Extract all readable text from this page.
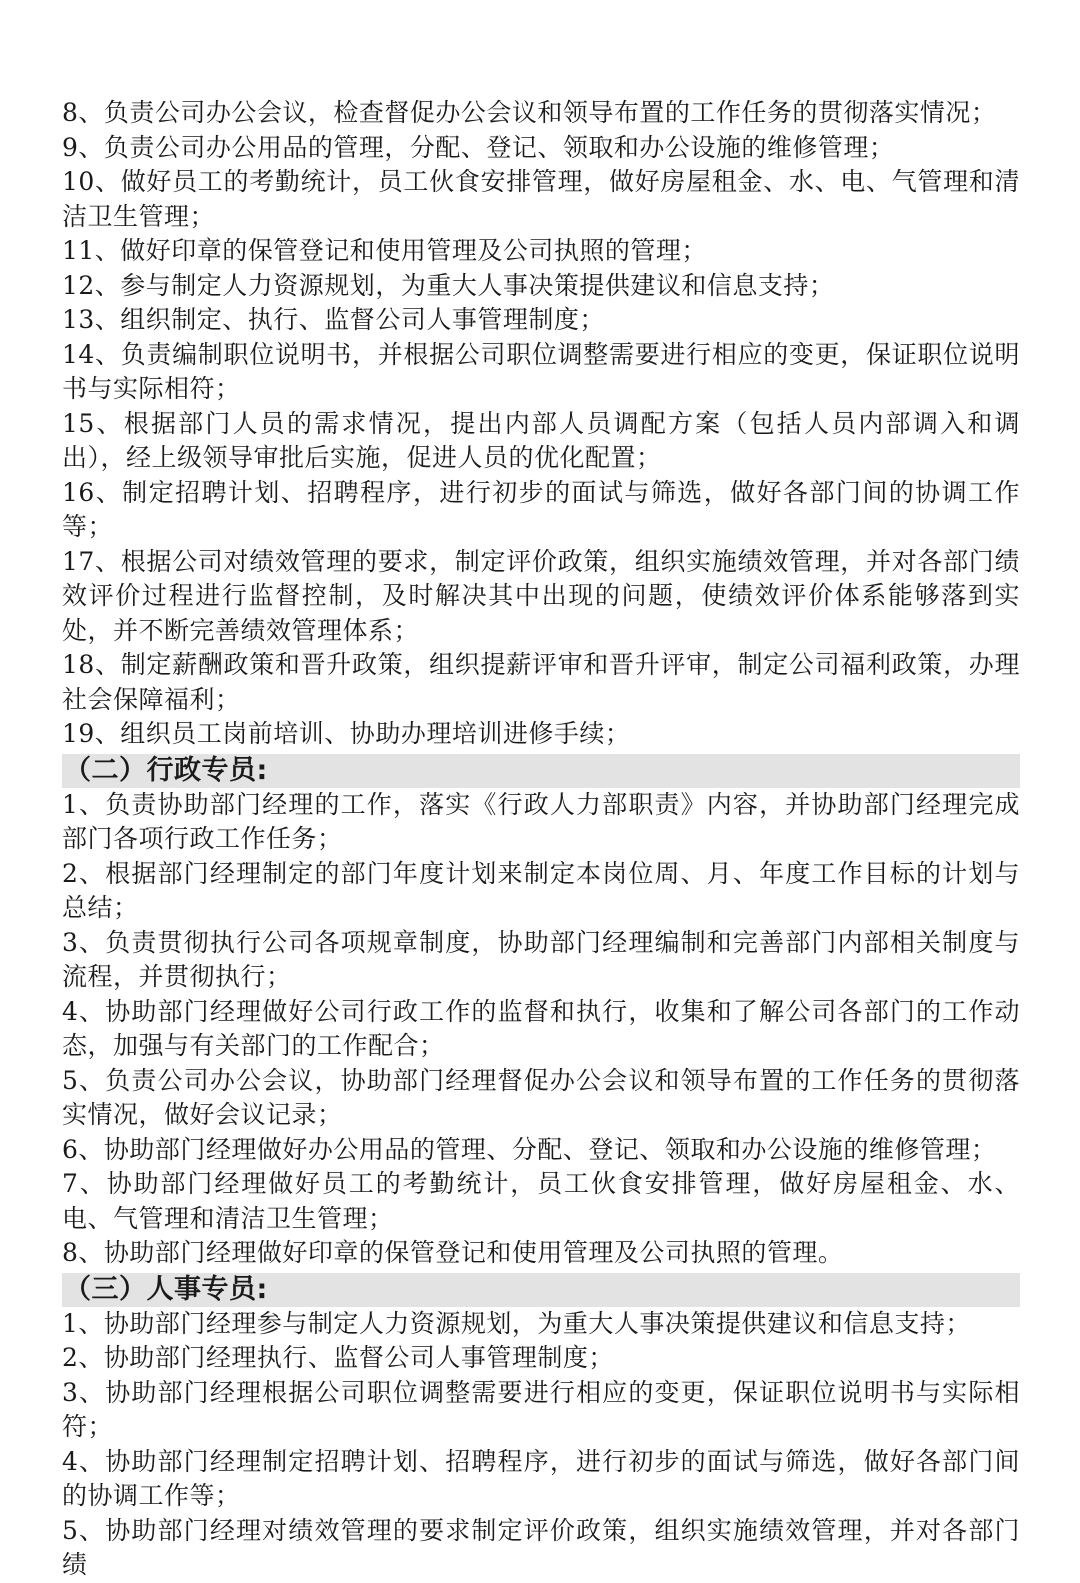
8、负责公司办公会议，检查督促办公会议和领导布置的工作任务的贯彻落实情况；

9、负责公司办公用品的管理，分配、登记、领取和办公设施的维修管理；

10、做好员工的考勤统计，员工伙食安排管理，做好房屋租金、水、电、气管理和清洁卫生管理；

11、做好印章的保管登记和使用管理及公司执照的管理；

12、参与制定人力资源规划，为重大人事决策提供建议和信息支持；

13、组织制定、执行、监督公司人事管理制度；

14、负责编制职位说明书，并根据公司职位调整需要进行相应的变更，保证职位说明书与实际相符；

15、根据部门人员的需求情况，提出内部人员调配方案（包括人员内部调入和调出），经上级领导审批后实施，促进人员的优化配置；

16、制定招聘计划、招聘程序，进行初步的面试与筛选，做好各部门间的协调工作等；

17、根据公司对绩效管理的要求，制定评价政策，组织实施绩效管理，并对各部门绩效评价过程进行监督控制，及时解决其中出现的问题，使绩效评价体系能够落到实处，并不断完善绩效管理体系；

18、制定薪酬政策和晋升政策，组织提薪评审和晋升评审，制定公司福利政策，办理社会保障福利；

19、组织员工岗前培训、协助办理培训进修手续；

（二）行政专员:

1、负责协助部门经理的工作，落实《行政人力部职责》内容，并协助部门经理完成部门各项行政工作任务；

2、根据部门经理制定的部门年度计划来制定本岗位周、月、年度工作目标的计划与总结；

3、负责贯彻执行公司各项规章制度，协助部门经理编制和完善部门内部相关制度与流程，并贯彻执行；

4、协助部门经理做好公司行政工作的监督和执行，收集和了解公司各部门的工作动态，加强与有关部门的工作配合；

5、负责公司办公会议，协助部门经理督促办公会议和领导布置的工作任务的贯彻落实情况，做好会议记录；

6、协助部门经理做好办公用品的管理、分配、登记、领取和办公设施的维修管理；

7、协助部门经理做好员工的考勤统计，员工伙食安排管理，做好房屋租金、水、电、气管理和清洁卫生管理；

8、协助部门经理做好印章的保管登记和使用管理及公司执照的管理。

（三）人事专员:

1、协助部门经理参与制定人力资源规划，为重大人事决策提供建议和信息支持；

2、协助部门经理执行、监督公司人事管理制度；

3、协助部门经理根据公司职位调整需要进行相应的变更，保证职位说明书与实际相符；

4、协助部门经理制定招聘计划、招聘程序，进行初步的面试与筛选，做好各部门间的协调工作等；

5、协助部门经理对绩效管理的要求制定评价政策，组织实施绩效管理，并对各部门绩
